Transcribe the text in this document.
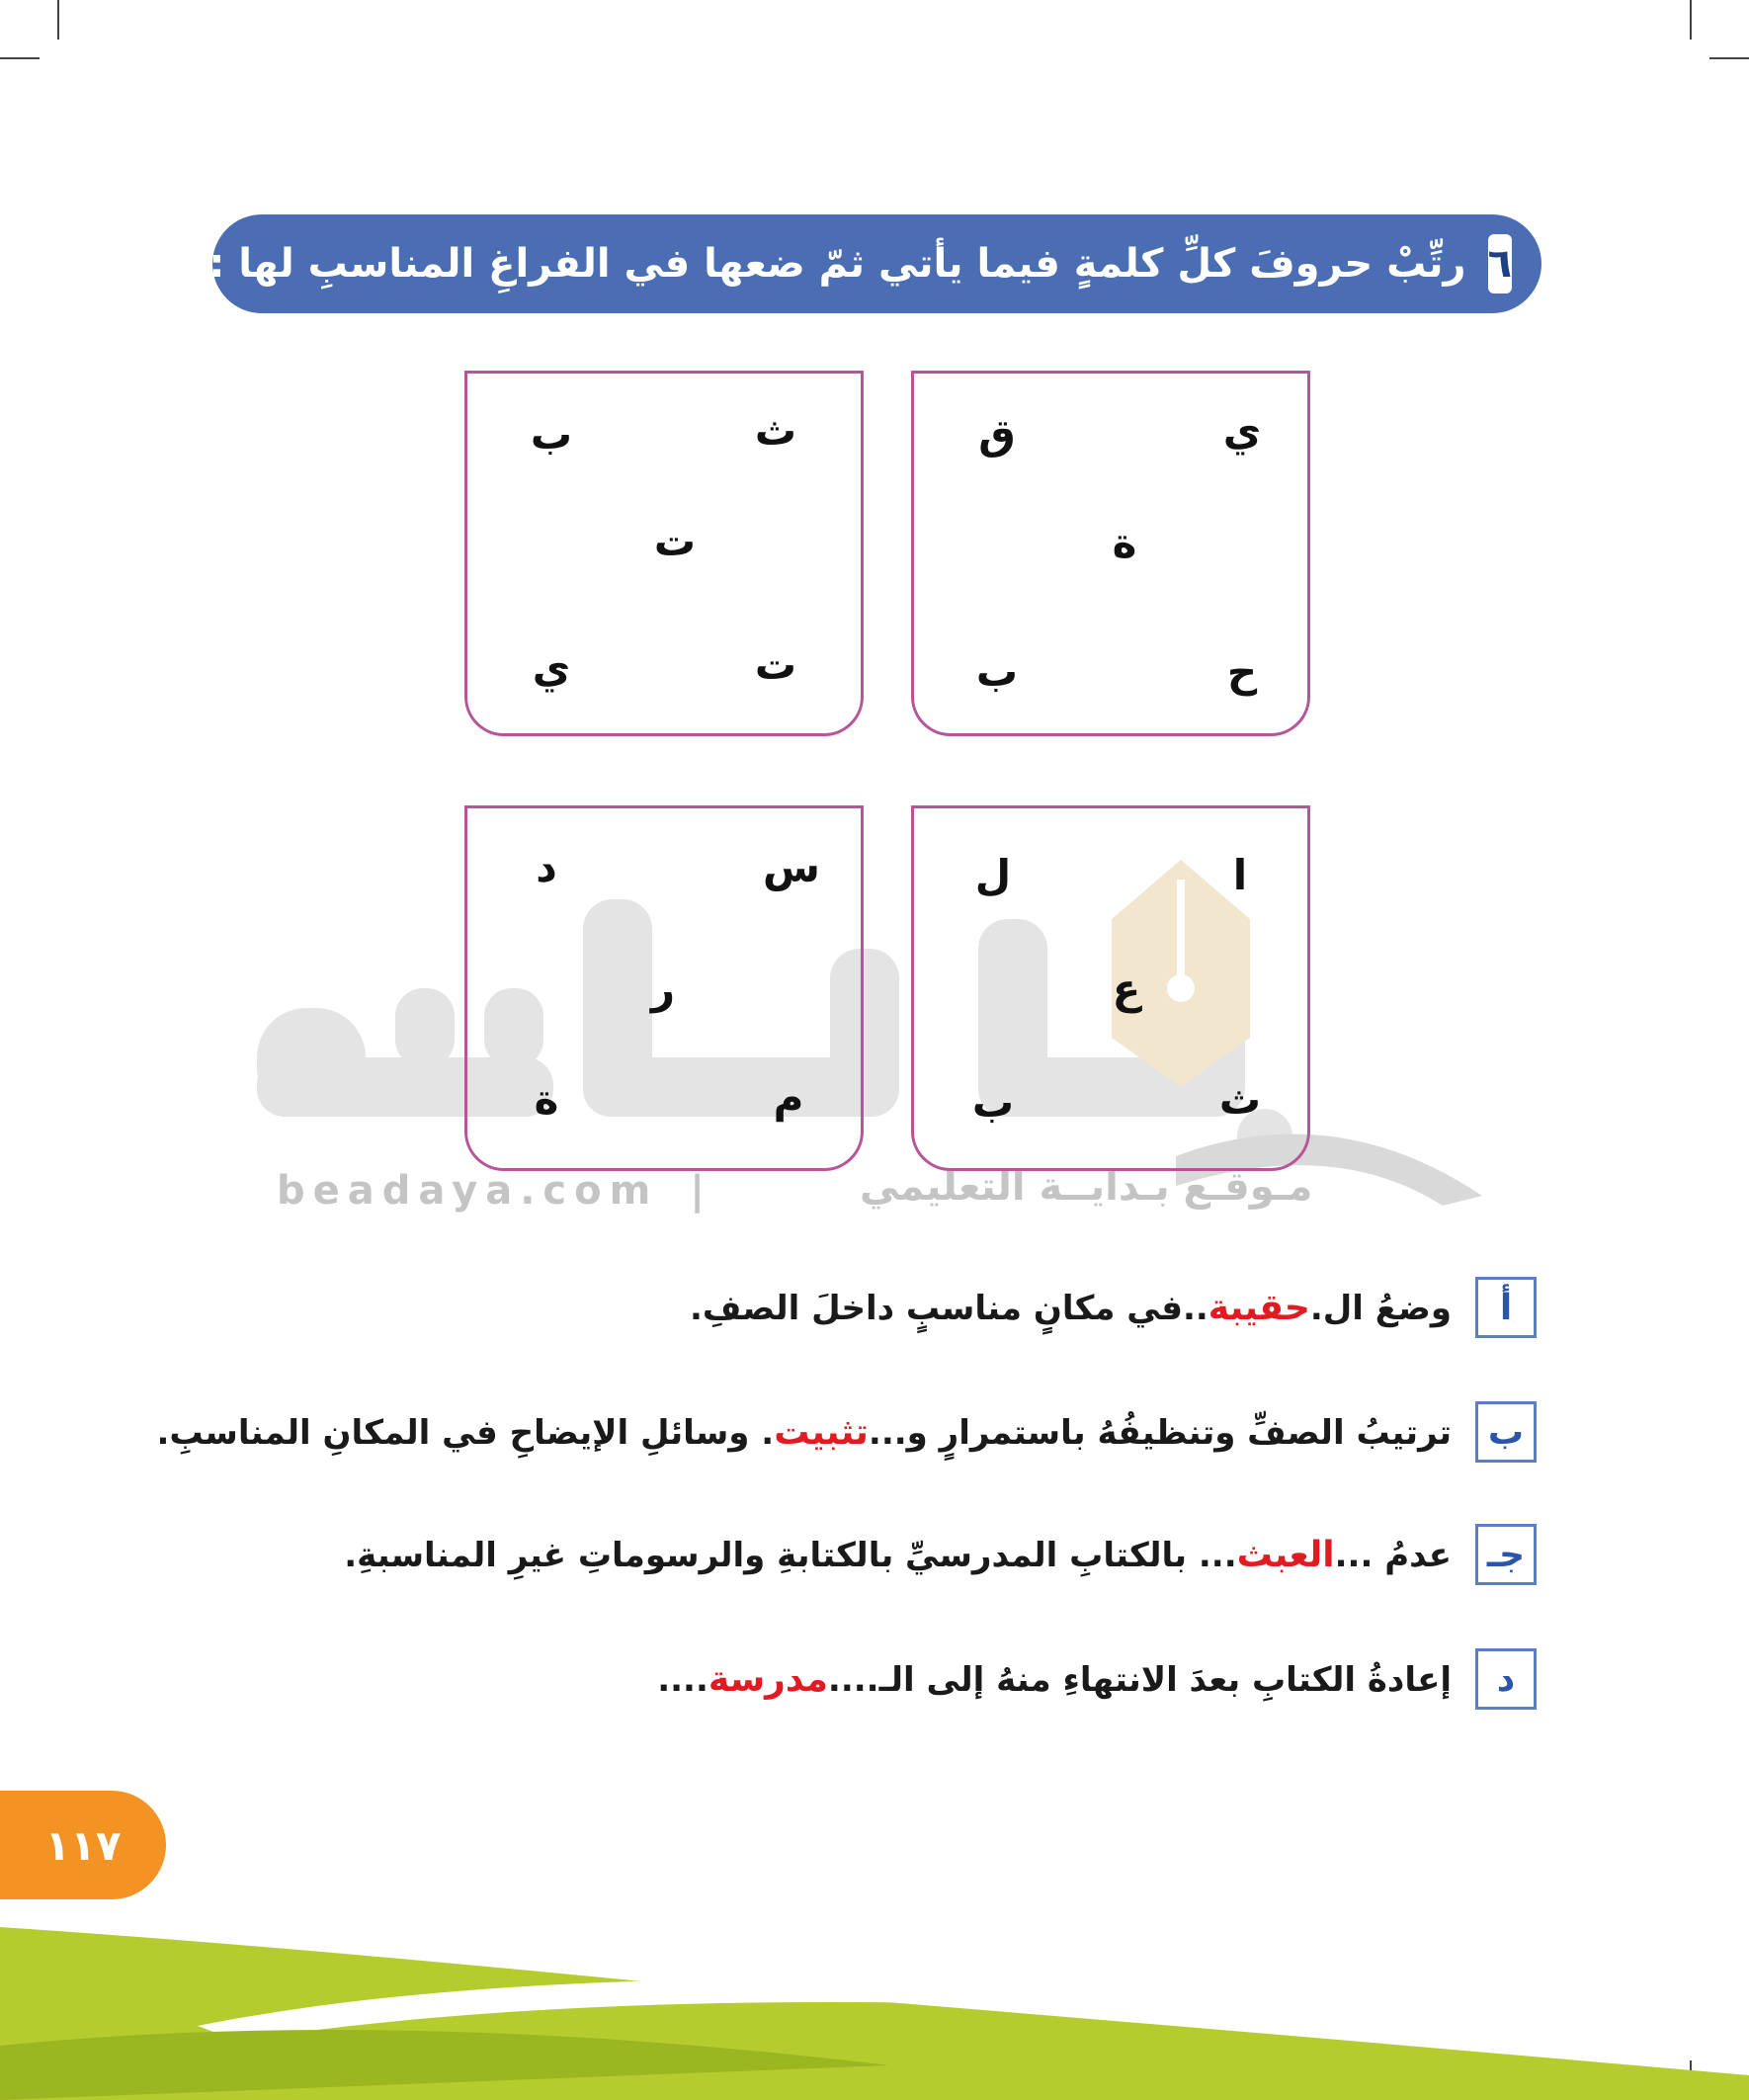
beadaya.com |	مـوقـع بـدايــة التعليمي
٦
رتِّبْ حروفَ كلِّ كلمةٍ فيما يأتي ثمّ ضعها في الفراغِ المناسبِ لها :
ي
ق
ة
ح
ب
ث
ب
ت
ت
ي
ا
ل
ع
ث
ب
س
د
ر
م
ة
أ
وضعُ ال.حقيبة..في مكانٍ مناسبٍ داخلَ الصفِ.
ب
ترتيبُ الصفِّ وتنظيفُهُ باستمرارٍ و...تثبيت. وسائلِ الإيضاحِ في المكانِ المناسبِ.
جـ
عدمُ ...العبث... بالكتابِ المدرسيِّ بالكتابةِ والرسوماتِ غيرِ المناسبةِ.
د
إعادةُ الكتابِ بعدَ الانتهاءِ منهُ إلى الـ....مدرسة....
١١٧
